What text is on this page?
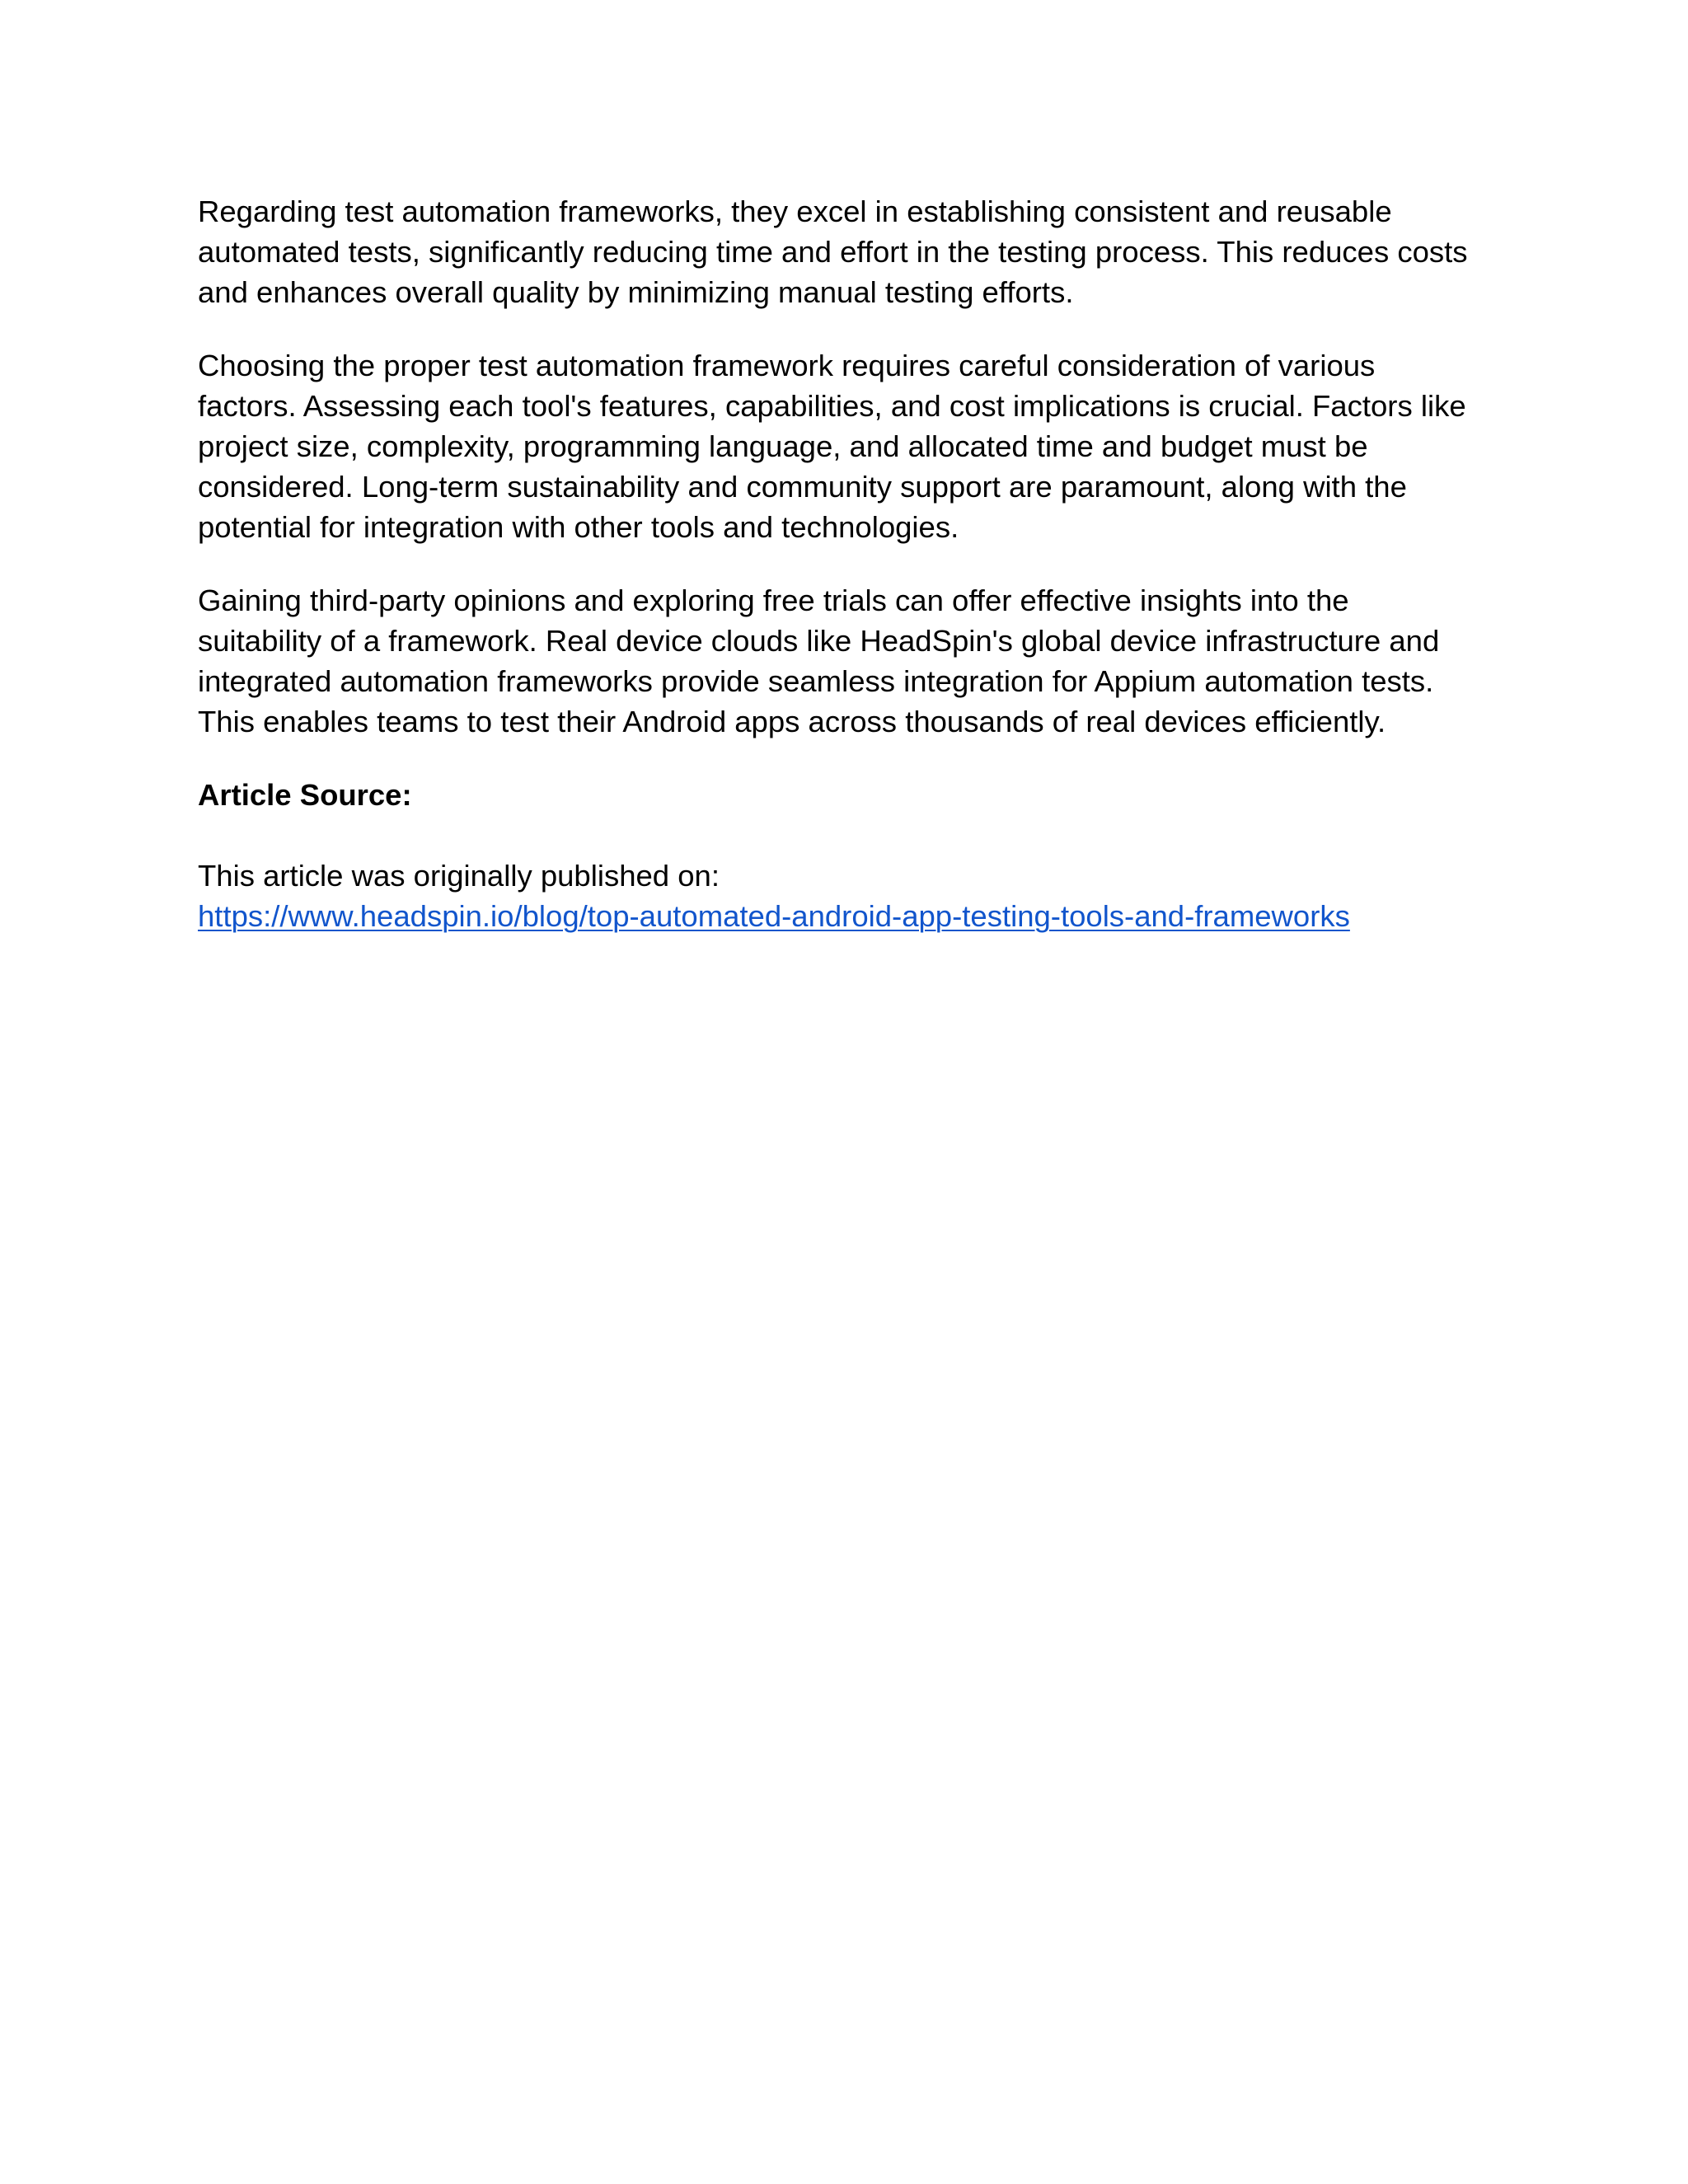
Regarding test automation frameworks, they excel in establishing consistent and reusable
automated tests, significantly reducing time and effort in the testing process. This reduces costs
and enhances overall quality by minimizing manual testing efforts.

Choosing the proper test automation framework requires careful consideration of various
factors. Assessing each tool's features, capabilities, and cost implications is crucial. Factors like
project size, complexity, programming language, and allocated time and budget must be
considered. Long-term sustainability and community support are paramount, along with the
potential for integration with other tools and technologies.

Gaining third-party opinions and exploring free trials can offer effective insights into the
suitability of a framework. Real device clouds like HeadSpin's global device infrastructure and
integrated automation frameworks provide seamless integration for Appium automation tests.
This enables teams to test their Android apps across thousands of real devices efficiently.

Article Source:
This article was originally published on:
https://www.headspin.io/blog/top-automated-android-app-testing-tools-and-frameworks
